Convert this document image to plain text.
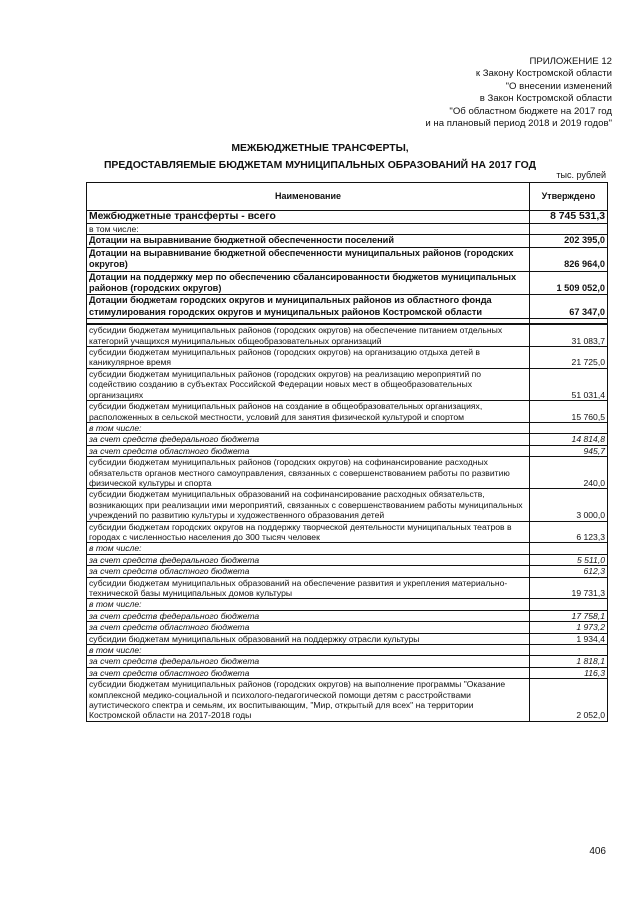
ПРИЛОЖЕНИЕ 12
к Закону Костромской области
"О внесении изменений
в Закон Костромской области
"Об областном бюджете на 2017 год
и на плановый период 2018 и 2019 годов"
МЕЖБЮДЖЕТНЫЕ ТРАНСФЕРТЫ,
ПРЕДОСТАВЛЯЕМЫЕ БЮДЖЕТАМ МУНИЦИПАЛЬНЫХ ОБРАЗОВАНИЙ НА 2017 ГОД
тыс. рублей
Наименование	Утверждено
Межбюджетные трансферты - всего	8 745 531,3
в том числе:	
Дотации на выравнивание бюджетной обеспеченности поселений	202 395,0
Дотации на выравнивание бюджетной обеспеченности муниципальных районов (городских округов)	826 964,0
Дотации на поддержку мер по обеспечению сбалансированности бюджетов муниципальных районов (городских округов)	1 509 052,0
Дотации бюджетам городских округов и муниципальных районов из областного фонда стимулирования городских округов и муниципальных районов Костромской области	67 347,0

субсидии бюджетам муниципальных районов (городских округов) на обеспечение питанием отдельных категорий учащихся муниципальных общеобразовательных организаций	31 083,7
субсидии бюджетам муниципальных районов (городских округов) на организацию отдыха детей в каникулярное время	21 725,0
субсидии бюджетам муниципальных районов (городских округов) на реализацию мероприятий по содействию созданию в субъектах Российской Федерации новых мест в общеобразовательных организациях	51 031,4
субсидии бюджетам муниципальных районов на создание в общеобразовательных организациях, расположенных в сельской местности, условий для занятия физической культурой и спортом	15 760,5
в том числе:	
за счет средств федерального бюджета	14 814,8
за счет средств областного бюджета	945,7
субсидии бюджетам муниципальных районов (городских округов) на софинансирование расходных обязательств органов местного самоуправления, связанных с совершенствованием работы по развитию физической культуры и спорта	240,0
субсидии бюджетам муниципальных образований на софинансирование расходных обязательств, возникающих при реализации ими мероприятий, связанных с совершенствованием работы муниципальных учреждений по развитию культуры и художественного образования детей	3 000,0
субсидии бюджетам городских округов на поддержку творческой деятельности муниципальных театров в городах с численностью населения до 300 тысяч человек	6 123,3
в том числе:	
за счет средств федерального бюджета	5 511,0
за счет средств областного бюджета	612,3
субсидии бюджетам муниципальных образований на обеспечение развития и укрепления материально-технической базы муниципальных домов культуры	19 731,3
в том числе:	
за счет средств федерального бюджета	17 758,1
за счет средств областного бюджета	1 973,2
субсидии бюджетам муниципальных образований на поддержку отрасли культуры	1 934,4
в том числе:	
за счет средств федерального бюджета	1 818,1
за счет средств областного бюджета	116,3
субсидии бюджетам муниципальных районов (городских округов) на выполнение программы "Оказание комплексной медико-социальной и психолого-педагогической помощи детям с расстройствами аутистического спектра и семьям, их воспитывающим, "Мир, открытый для всех" на территории Костромской области на 2017-2018 годы	2 052,0
406
